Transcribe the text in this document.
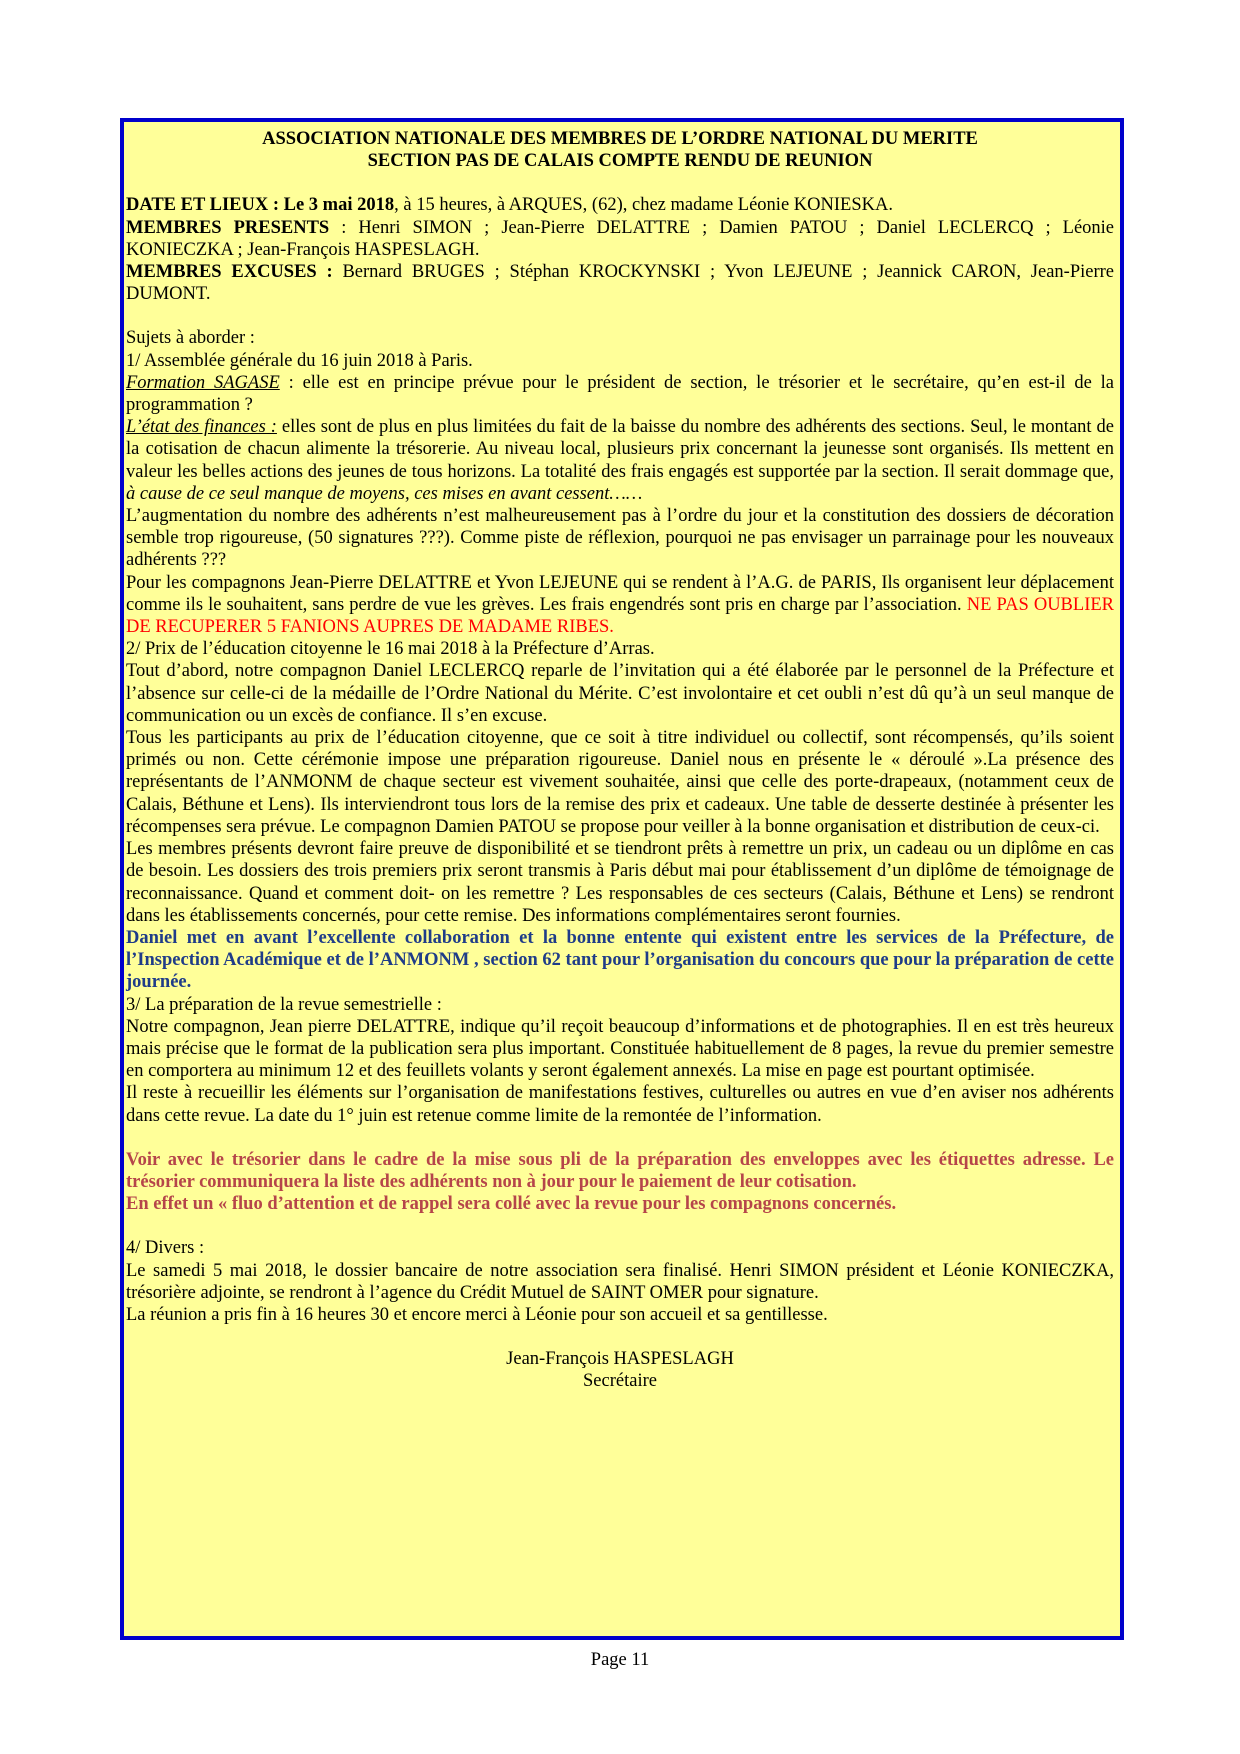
ASSOCIATION NATIONALE DES MEMBRES DE L’ORDRE NATIONAL DU MERITE

SECTION PAS DE CALAIS COMPTE RENDU DE REUNION

DATE ET LIEUX : Le 3 mai 2018, à 15 heures, à ARQUES, (62), chez madame Léonie KONIESKA.

MEMBRES PRESENTS : Henri SIMON ; Jean-Pierre DELATTRE ; Damien PATOU ; Daniel LECLERCQ ; Léonie KONIECZKA ; Jean-François HASPESLAGH.

MEMBRES EXCUSES : Bernard BRUGES ; Stéphan KROCKYNSKI ; Yvon LEJEUNE ; Jeannick CARON, Jean-Pierre DUMONT.

Sujets à aborder :

1/ Assemblée générale du 16 juin 2018 à Paris.

Formation SAGASE : elle est en principe prévue pour le président de section, le trésorier et le secrétaire, qu’en est-il de la programmation ?

L’état des finances : elles sont de plus en plus limitées du fait de la baisse du nombre des adhérents des sections. Seul, le montant de la cotisation de chacun alimente la trésorerie. Au niveau local, plusieurs prix concernant la jeunesse sont organisés. Ils mettent en valeur les belles actions des jeunes de tous horizons. La totalité des frais engagés est supportée par la section. Il serait dommage que, à cause de ce seul manque de moyens, ces mises en avant cessent……

L’augmentation du nombre des adhérents n’est malheureusement pas à l’ordre du jour et la constitution des dossiers de décoration semble trop rigoureuse, (50 signatures ???). Comme piste de réflexion, pourquoi ne pas envisager un parrainage pour les nouveaux adhérents ???

Pour les compagnons Jean-Pierre DELATTRE et Yvon LEJEUNE qui se rendent à l’A.G. de PARIS, Ils organisent leur déplacement comme ils le souhaitent, sans perdre de vue les grèves. Les frais engendrés sont pris en charge par l’association. NE PAS OUBLIER DE RECUPERER 5 FANIONS AUPRES DE MADAME RIBES.

2/ Prix de l’éducation citoyenne le 16 mai 2018 à la Préfecture d’Arras.

Tout d’abord, notre compagnon Daniel LECLERCQ reparle de l’invitation qui a été élaborée par le personnel de la Préfecture et l’absence sur celle-ci de la médaille de l’Ordre National du Mérite. C’est involontaire et cet oubli n’est dû qu’à un seul manque de communication ou un excès de confiance. Il s’en excuse.

Tous les participants au prix de l’éducation citoyenne, que ce soit à titre individuel ou collectif, sont récompensés, qu’ils soient primés ou non. Cette cérémonie impose une préparation rigoureuse. Daniel nous en présente le « déroulé ».La présence des représentants de l’ANMONM de chaque secteur est vivement souhaitée, ainsi que celle des porte-drapeaux, (notamment ceux de Calais, Béthune et Lens). Ils interviendront tous lors de la remise des prix et cadeaux. Une table de desserte destinée à présenter les récompenses sera prévue. Le compagnon Damien PATOU se propose pour veiller à la bonne organisation et distribution de ceux-ci.

Les membres présents devront faire preuve de disponibilité et se tiendront prêts à remettre un prix, un cadeau ou un diplôme en cas de besoin. Les dossiers des trois premiers prix seront transmis à Paris début mai pour établissement d’un diplôme de témoignage de reconnaissance. Quand et comment doit- on les remettre ? Les responsables de ces secteurs (Calais, Béthune et Lens) se rendront dans les établissements concernés, pour cette remise. Des informations complémentaires seront fournies.

Daniel met en avant l’excellente collaboration et la bonne entente qui existent entre les services de la Préfecture, de l’Inspection Académique et de l’ANMONM , section 62 tant pour l’organisation du concours que pour la préparation de cette journée.

3/ La préparation de la revue semestrielle :

Notre compagnon, Jean pierre DELATTRE, indique qu’il reçoit beaucoup d’informations et de photographies. Il en est très heureux mais précise que le format de la publication sera plus important. Constituée habituellement de 8 pages, la revue du premier semestre en comportera au minimum 12 et des feuillets volants y seront également annexés. La mise en page est pourtant optimisée.

Il reste à recueillir les éléments sur l’organisation de manifestations festives, culturelles ou autres en vue d’en aviser nos adhérents dans cette revue. La date du 1° juin est retenue comme limite de la remontée de l’information.

Voir avec le trésorier dans le cadre de la mise sous pli de la préparation des enveloppes avec les étiquettes adresse. Le trésorier communiquera la liste des adhérents non à jour pour le paiement de leur cotisation.

En effet un « fluo d’attention et de rappel sera collé avec la revue pour les compagnons concernés.

4/ Divers :

Le samedi 5 mai 2018, le dossier bancaire de notre association sera finalisé. Henri SIMON président et Léonie KONIECZKA, trésorière adjointe, se rendront à l’agence du Crédit Mutuel de SAINT OMER pour signature.

La réunion a pris fin à 16 heures 30 et encore merci à Léonie pour son accueil et sa gentillesse.

Jean-François HASPESLAGH

Secrétaire

Page 11
